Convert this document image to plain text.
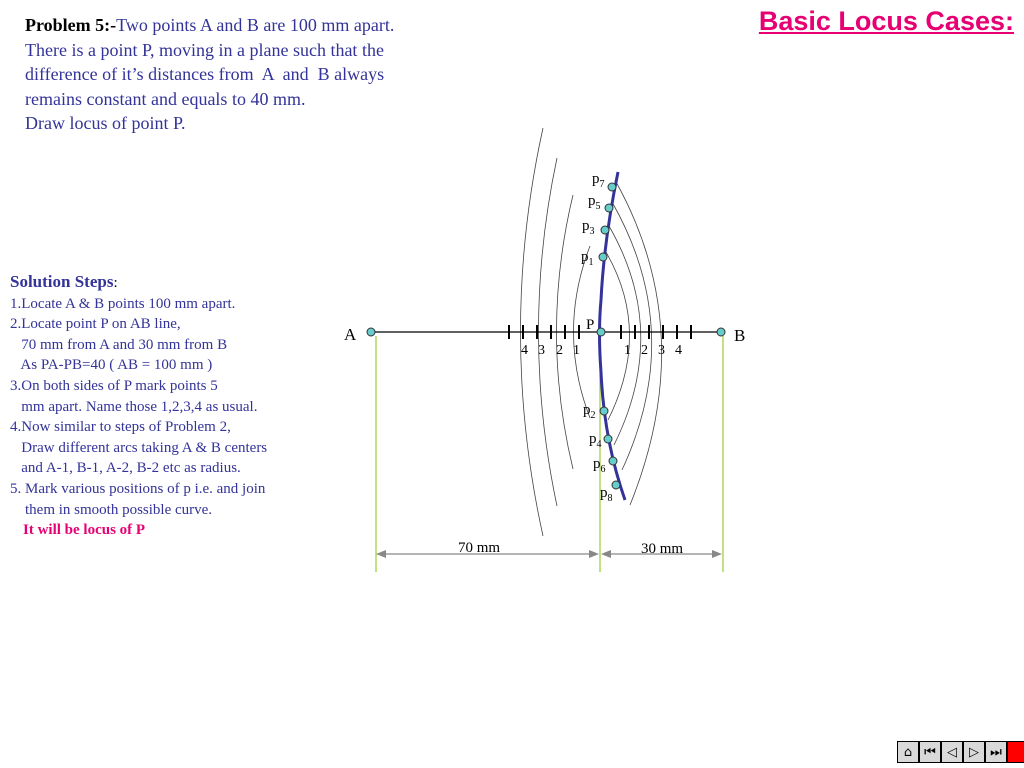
Basic Locus Cases:
Problem 5:-Two points A and B are 100 mm apart.
There is a point P, moving in a plane such that the
difference of it’s distances from  A  and  B always
remains constant and equals to 40 mm.
Draw locus of point P.
Solution Steps:
1.Locate A & B points 100 mm apart.
2.Locate point P on AB line,
70 mm from A and 30 mm from B
As PA-PB=40 ( AB = 100 mm )
3.On both sides of P mark points 5
mm apart. Name those 1,2,3,4 as usual.
4.Now similar to steps of Problem 2,
Draw different arcs taking A & B centers
and A-1, B-1, A-2, B-2 etc as radius.
5. Mark various positions of p i.e. and join
them in smooth possible curve.
It will be locus of P
A	B
P
4 3 2 1	1 2 3 4
$p_7$
$p_5$
$p_3$
$p_1$
$p_2$
$p_4$
$p_6$
$p_8$
70 mm	30 mm
⌂ ⏮ ◁ ▷ ⏭
